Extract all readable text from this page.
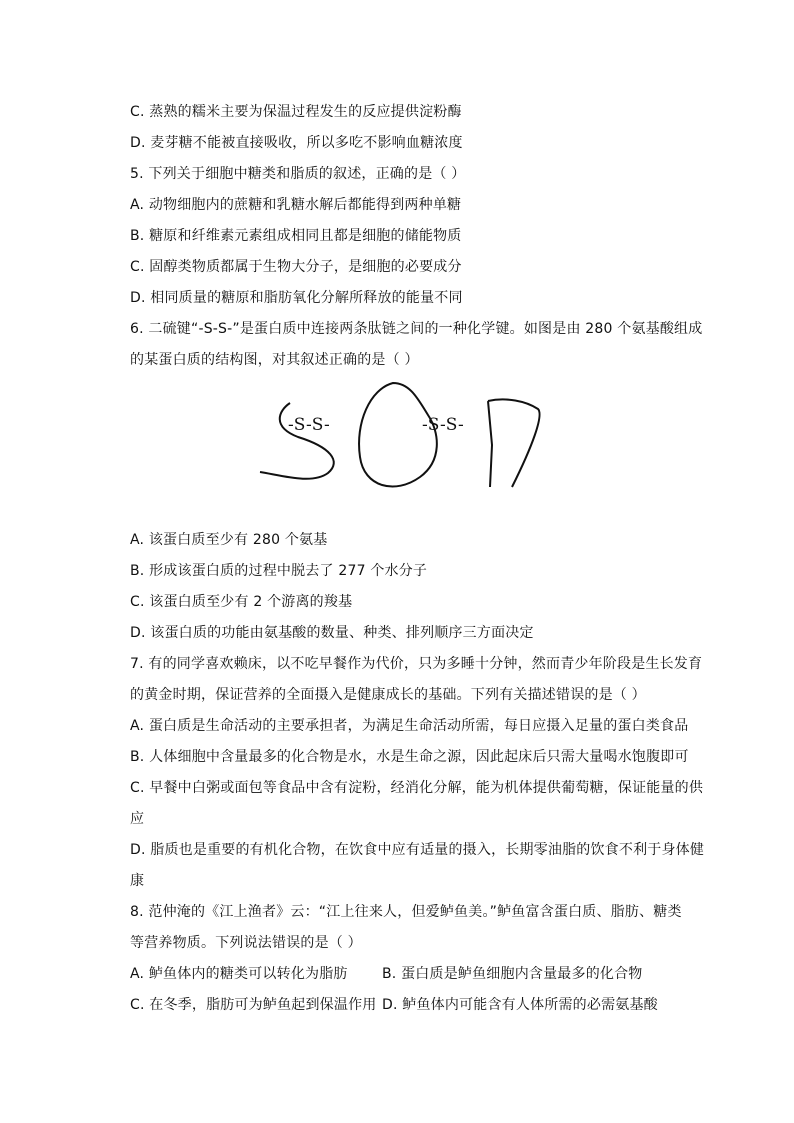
C. 蒸熟的糯米主要为保温过程发生的反应提供淀粉酶
D. 麦芽糖不能被直接吸收，所以多吃不影响血糖浓度
5. 下列关于细胞中糖类和脂质的叙述，正确的是（ ）
A. 动物细胞内的蔗糖和乳糖水解后都能得到两种单糖
B. 糖原和纤维素元素组成相同且都是细胞的储能物质
C. 固醇类物质都属于生物大分子，是细胞的必要成分
D. 相同质量的糖原和脂肪氧化分解所释放的能量不同
6. 二硫键“-S-S-”是蛋白质中连接两条肽链之间的一种化学键。如图是由 280 个氨基酸组成
的某蛋白质的结构图，对其叙述正确的是（ ）
-S-S-	-S-S-
A. 该蛋白质至少有 280 个氨基
B. 形成该蛋白质的过程中脱去了 277 个水分子
C. 该蛋白质至少有 2 个游离的羧基
D. 该蛋白质的功能由氨基酸的数量、种类、排列顺序三方面决定
7. 有的同学喜欢赖床，以不吃早餐作为代价，只为多睡十分钟，然而青少年阶段是生长发育
的黄金时期，保证营养的全面摄入是健康成长的基础。下列有关描述错误的是（ ）
A. 蛋白质是生命活动的主要承担者，为满足生命活动所需，每日应摄入足量的蛋白类食品
B. 人体细胞中含量最多的化合物是水，水是生命之源，因此起床后只需大量喝水饱腹即可
C. 早餐中白粥或面包等食品中含有淀粉，经消化分解，能为机体提供葡萄糖，保证能量的供
应
D. 脂质也是重要的有机化合物，在饮食中应有适量的摄入，长期零油脂的饮食不利于身体健
康
8. 范仲淹的《江上渔者》云：“江上往来人，但爱鲈鱼美。”鲈鱼富含蛋白质、脂肪、糖类
等营养物质。下列说法错误的是（ ）
A. 鲈鱼体内的糖类可以转化为脂肪 B. 蛋白质是鲈鱼细胞内含量最多的化合物
C. 在冬季，脂肪可为鲈鱼起到保温作用 D. 鲈鱼体内可能含有人体所需的必需氨基酸
